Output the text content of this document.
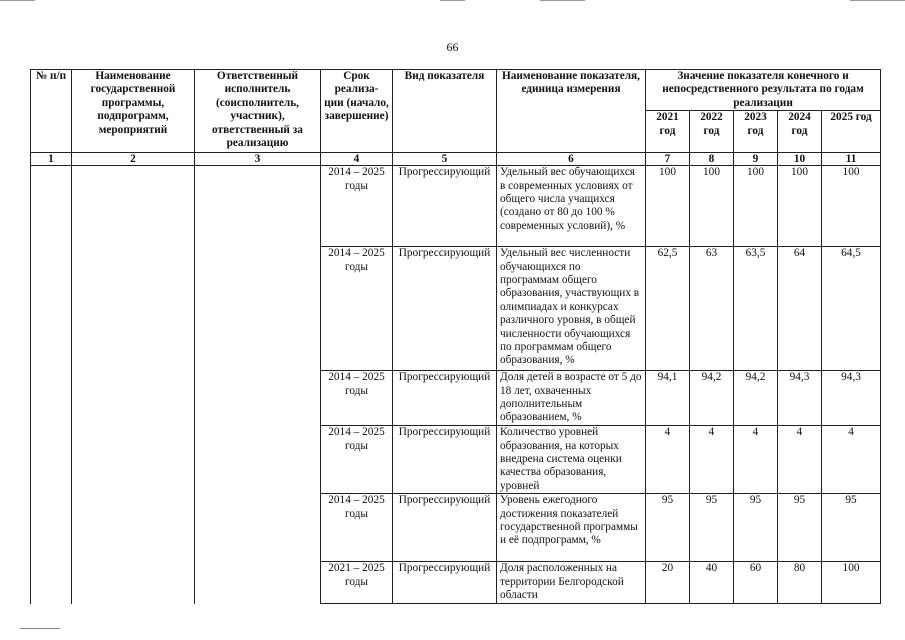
66
№ п/п	Наименование государственной программы, подпрограмм, мероприятий	Ответственный исполнитель (соисполнитель, участник), ответственный за реализацию	Срок реализа- ции (начало, завершение)	Вид показателя	Наименование показателя, единица измерения	Значение показателя конечного и непосредственного результата по годам реализации				
						2021 год	2022 год	2023 год	2024 год	2025 год
1	2	3	4	5	6	7	8	9	10	11
			2014 – 2025 годы	Прогрессирующий	Удельный вес обучающихся в современных условиях от общего числа учащихся (создано от 80 до 100 % современных условий), %	100	100	100	100	100
			2014 – 2025 годы	Прогрессирующий	Удельный вес численности обучающихся по программам общего образования, участвующих в олимпиадах и конкурсах различного уровня, в общей численности обучающихся по программам общего образования, %	62,5	63	63,5	64	64,5
			2014 – 2025 годы	Прогрессирующий	Доля детей в возрасте от 5 до 18 лет, охваченных дополнительным образованием, %	94,1	94,2	94,2	94,3	94,3
			2014 – 2025 годы	Прогрессирующий	Количество уровней образования, на которых внедрена система оценки качества образования, уровней	4	4	4	4	4
			2014 – 2025 годы	Прогрессирующий	Уровень ежегодного достижения показателей государственной программы и её подпрограмм, %	95	95	95	95	95
			2021 – 2025 годы	Прогрессирующий	Доля расположенных на территории Белгородской области	20	40	60	80	100
